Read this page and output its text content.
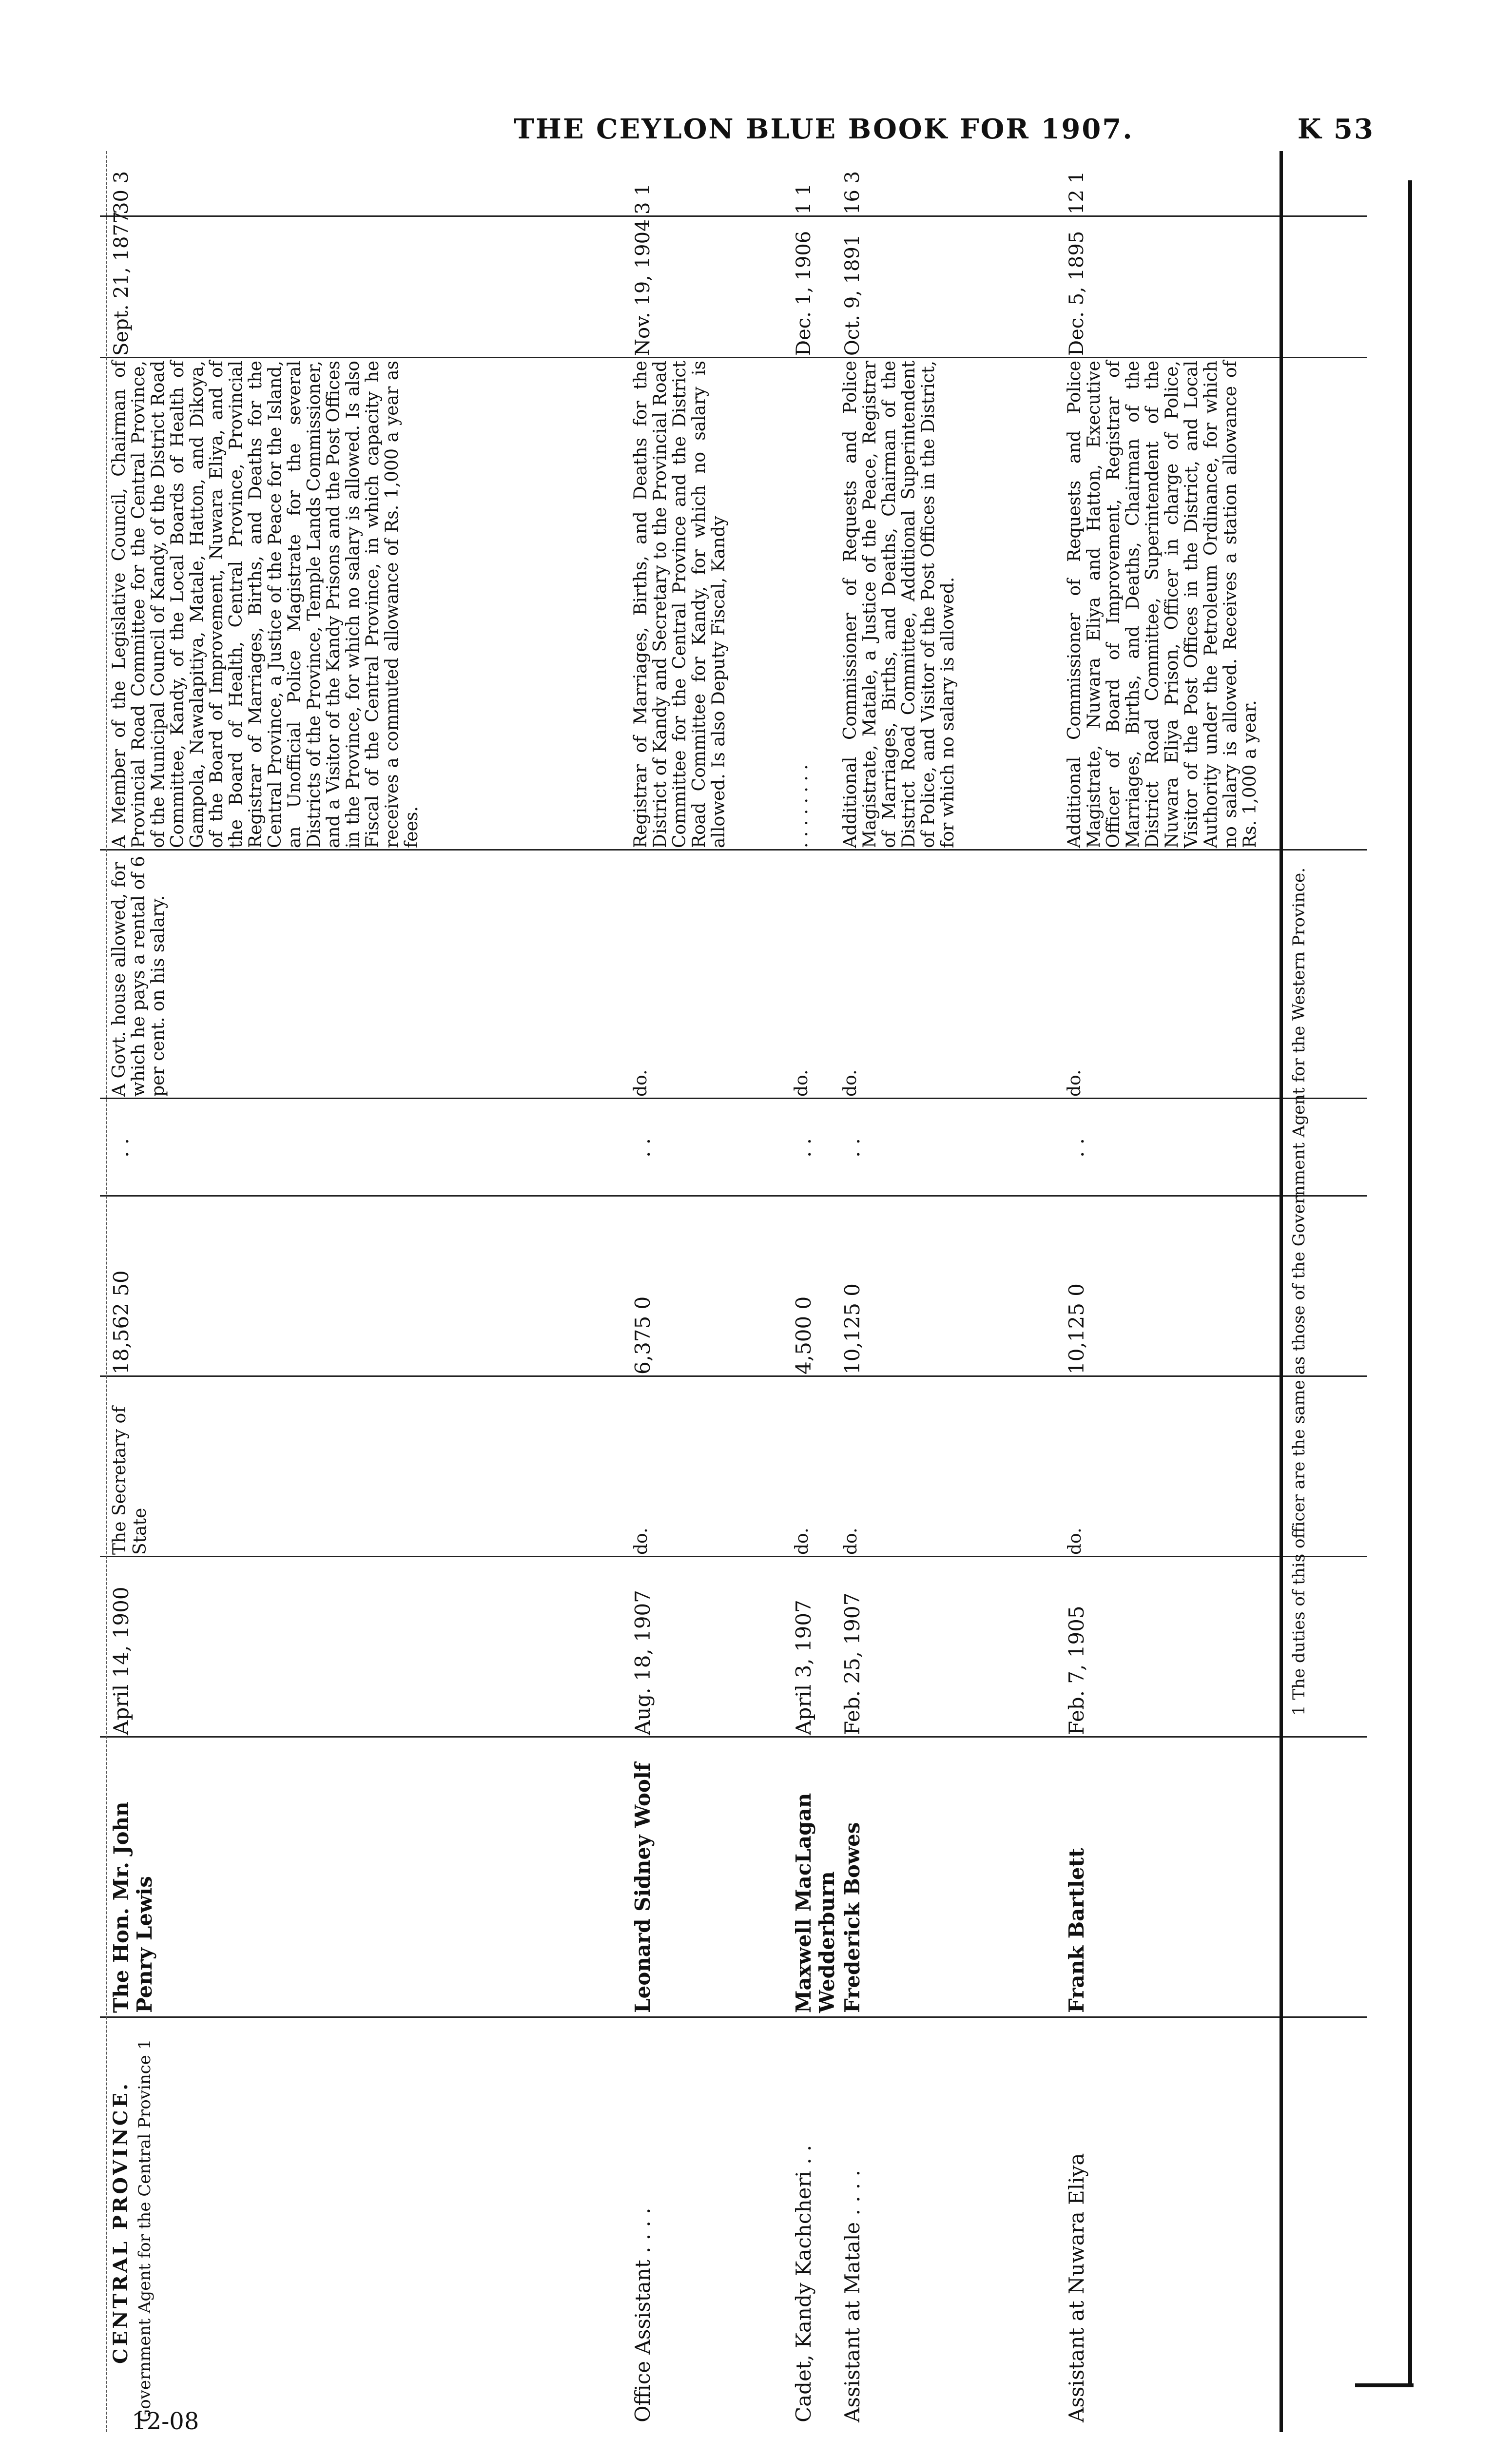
THE CEYLON BLUE BOOK FOR 1907.	K 53
CENTRAL PROVINCE. Government Agent for the Central Province 1
The Hon. Mr. John Penry Lewis
April 14, 1900
The Secretary of State
18,562 50
. .
A Govt. house allowed, for which he pays a rental of 6 per cent. on his salary.
A Member of the Legislative Council, Chairman of Provincial Road Committee for the Central Province, of the Municipal Council of Kandy, of the District Road Committee, Kandy, of the Local Boards of Health of Gampola, Nawalapitiya, Matale, Hatton, and Dikoya, of the Board of Improvement, Nuwara Eliya, and of the Board of Health, Central Province, Provincial Registrar of Marriages, Births, and Deaths for the Central Province, a Justice of the Peace for the Island, an Unofficial Police Magistrate for the several Districts of the Province, Temple Lands Commissioner, and a Visitor of the Kandy Prisons and the Post Offices in the Province, for which no salary is allowed. Is also Fiscal of the Central Province, in which capacity he receives a commuted allowance of Rs. 1,000 a year as fees.
Sept. 21, 1877
30 3
Office Assistant . . . .
Leonard Sidney Woolf
Aug. 18, 1907
do.
6,375 0
. .
do.
Registrar of Marriages, Births, and Deaths for the District of Kandy and Secretary to the Provincial Road Committee for the Central Province and the District Road Committee for Kandy, for which no salary is allowed. Is also Deputy Fiscal, Kandy
Nov. 19, 1904
3 1
Cadet, Kandy Kachcheri . .
Maxwell MacLagan Wedderburn
April 3, 1907
do.
4,500 0
. .
do.
. . . . . . . .
Dec. 1, 1906
1 1
Assistant at Matale . . . .
Frederick Bowes
Feb. 25, 1907
do.
10,125 0
. .
do.
Additional Commissioner of Requests and Police Magistrate, Matale, a Justice of the Peace, Registrar of Marriages, Births, and Deaths, Chairman of the District Road Committee, Additional Superintendent of Police, and Visitor of the Post Offices in the District, for which no salary is allowed.
Oct. 9, 1891
16 3
Assistant at Nuwara Eliya
Frank Bartlett
Feb. 7, 1905
do.
10,125 0
. .
do.
Additional Commissioner of Requests and Police Magistrate, Nuwara Eliya and Hatton, Executive Officer of Board of Improvement, Registrar of Marriages, Births, and Deaths, Chairman of the District Road Committee, Superintendent of the Nuwara Eliya Prison, Officer in charge of Police, Visitor of the Post Offices in the District, and Local Authority under the Petroleum Ordinance, for which no salary is allowed. Receives a station allowance of Rs. 1,000 a year.
Dec. 5, 1895
12 1
1 The duties of this officer are the same as those of the Government Agent for the Western Province.
12-08
